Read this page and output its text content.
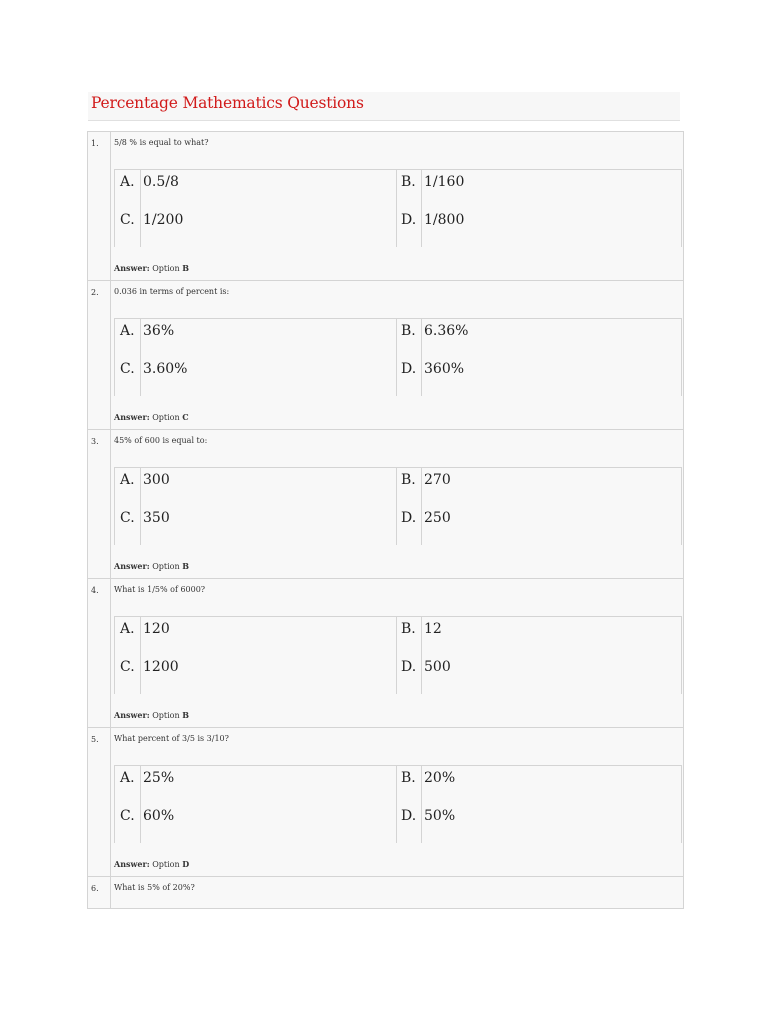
Percentage Mathematics Questions
1. 5/8 % is equal to what?
A. 0.5/8	B. 1/160
C. 1/200	D. 1/800
Answer: Option B
2. 0.036 in terms of percent is:
A. 36%	B. 6.36%
C. 3.60%	D. 360%
Answer: Option C
3. 45% of 600 is equal to:
A. 300	B. 270
C. 350	D. 250
Answer: Option B
4. What is 1/5% of 6000?
A. 120	B. 12
C. 1200	D. 500
Answer: Option B
5. What percent of 3/5 is 3/10?
A. 25%	B. 20%
C. 60%	D. 50%
Answer: Option D
6. What is 5% of 20%?
